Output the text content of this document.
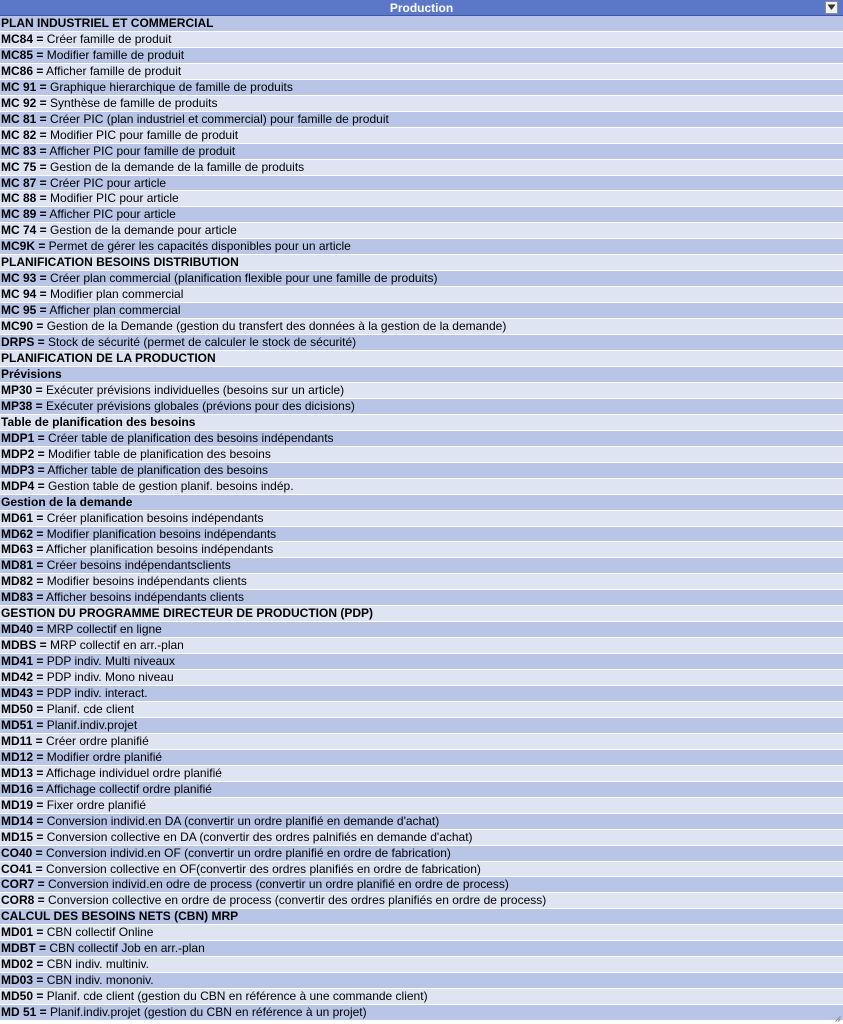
Production
PLAN INDUSTRIEL ET COMMERCIAL
MC84 = Créer famille de produit
MC85 = Modifier famille de produit
MC86 = Afficher famille de produit
MC 91 = Graphique hierarchique de famille de produits
MC 92 = Synthèse de famille de produits
MC 81 = Créer PIC (plan industriel et commercial) pour famille de produit
MC 82 = Modifier PIC pour famille de produit
MC 83 = Afficher PIC pour famille de produit
MC 75 = Gestion de la demande de la famille de produits
MC 87 = Créer PIC pour article
MC 88 = Modifier PIC pour article
MC 89 = Afficher PIC pour article
MC 74 = Gestion de la demande pour article
MC9K = Permet de gérer les capacités disponibles pour un article
PLANIFICATION BESOINS DISTRIBUTION
MC 93 = Créer plan commercial (planification flexible pour une famille de produits)
MC 94 = Modifier plan commercial
MC 95 = Afficher plan commercial
MC90 = Gestion de la Demande (gestion du transfert des données à la gestion de la demande)
DRPS = Stock de sécurité (permet de calculer le stock de sécurité)
PLANIFICATION DE LA PRODUCTION
Prévisions
MP30 = Exécuter prévisions individuelles (besoins sur un article)
MP38 = Exécuter prévisions globales (prévions pour des dicisions)
Table de planification des besoins
MDP1 = Créer table de planification des besoins indépendants
MDP2 = Modifier table de planification des besoins
MDP3 = Afficher table de planification des besoins
MDP4 = Gestion table de gestion planif. besoins indép.
Gestion de la demande
MD61 = Créer planification besoins indépendants
MD62 = Modifier planification besoins indépendants
MD63 = Afficher planification besoins indépendants
MD81 = Créer besoins indépendantsclients
MD82 = Modifier besoins indépendants clients
MD83 = Afficher besoins indépendants clients
GESTION DU PROGRAMME DIRECTEUR DE PRODUCTION (PDP)
MD40 = MRP collectif en ligne
MDBS = MRP collectif en arr.-plan
MD41 = PDP indiv. Multi niveaux
MD42 = PDP indiv. Mono niveau
MD43 = PDP indiv. interact.
MD50 = Planif. cde client
MD51 = Planif.indiv.projet
MD11 = Créer ordre planifié
MD12 = Modifier ordre planifié
MD13 = Affichage individuel ordre planifié
MD16 = Affichage collectif ordre planifié
MD19 = Fixer ordre planifié
MD14 = Conversion individ.en DA (convertir un ordre planifié en demande d'achat)
MD15 = Conversion collective en DA (convertir des ordres palnifiés en demande d'achat)
CO40 = Conversion individ.en OF (convertir un ordre planifié en ordre de fabrication)
CO41 = Conversion collective en OF(convertir des ordres planifiés en ordre de fabrication)
COR7 = Conversion individ.en odre de process (convertir un ordre planifié en ordre de process)
COR8 = Conversion collective en ordre de process (convertir des ordres planifiés en ordre de process)
CALCUL DES BESOINS NETS (CBN) MRP
MD01 = CBN collectif Online
MDBT = CBN collectif Job en arr.-plan
MD02 = CBN indiv. multiniv.
MD03 = CBN indiv. mononiv.
MD50 = Planif. cde client (gestion du CBN en référence à une commande client)
MD 51 = Planif.indiv.projet (gestion du CBN en référence à un projet)
